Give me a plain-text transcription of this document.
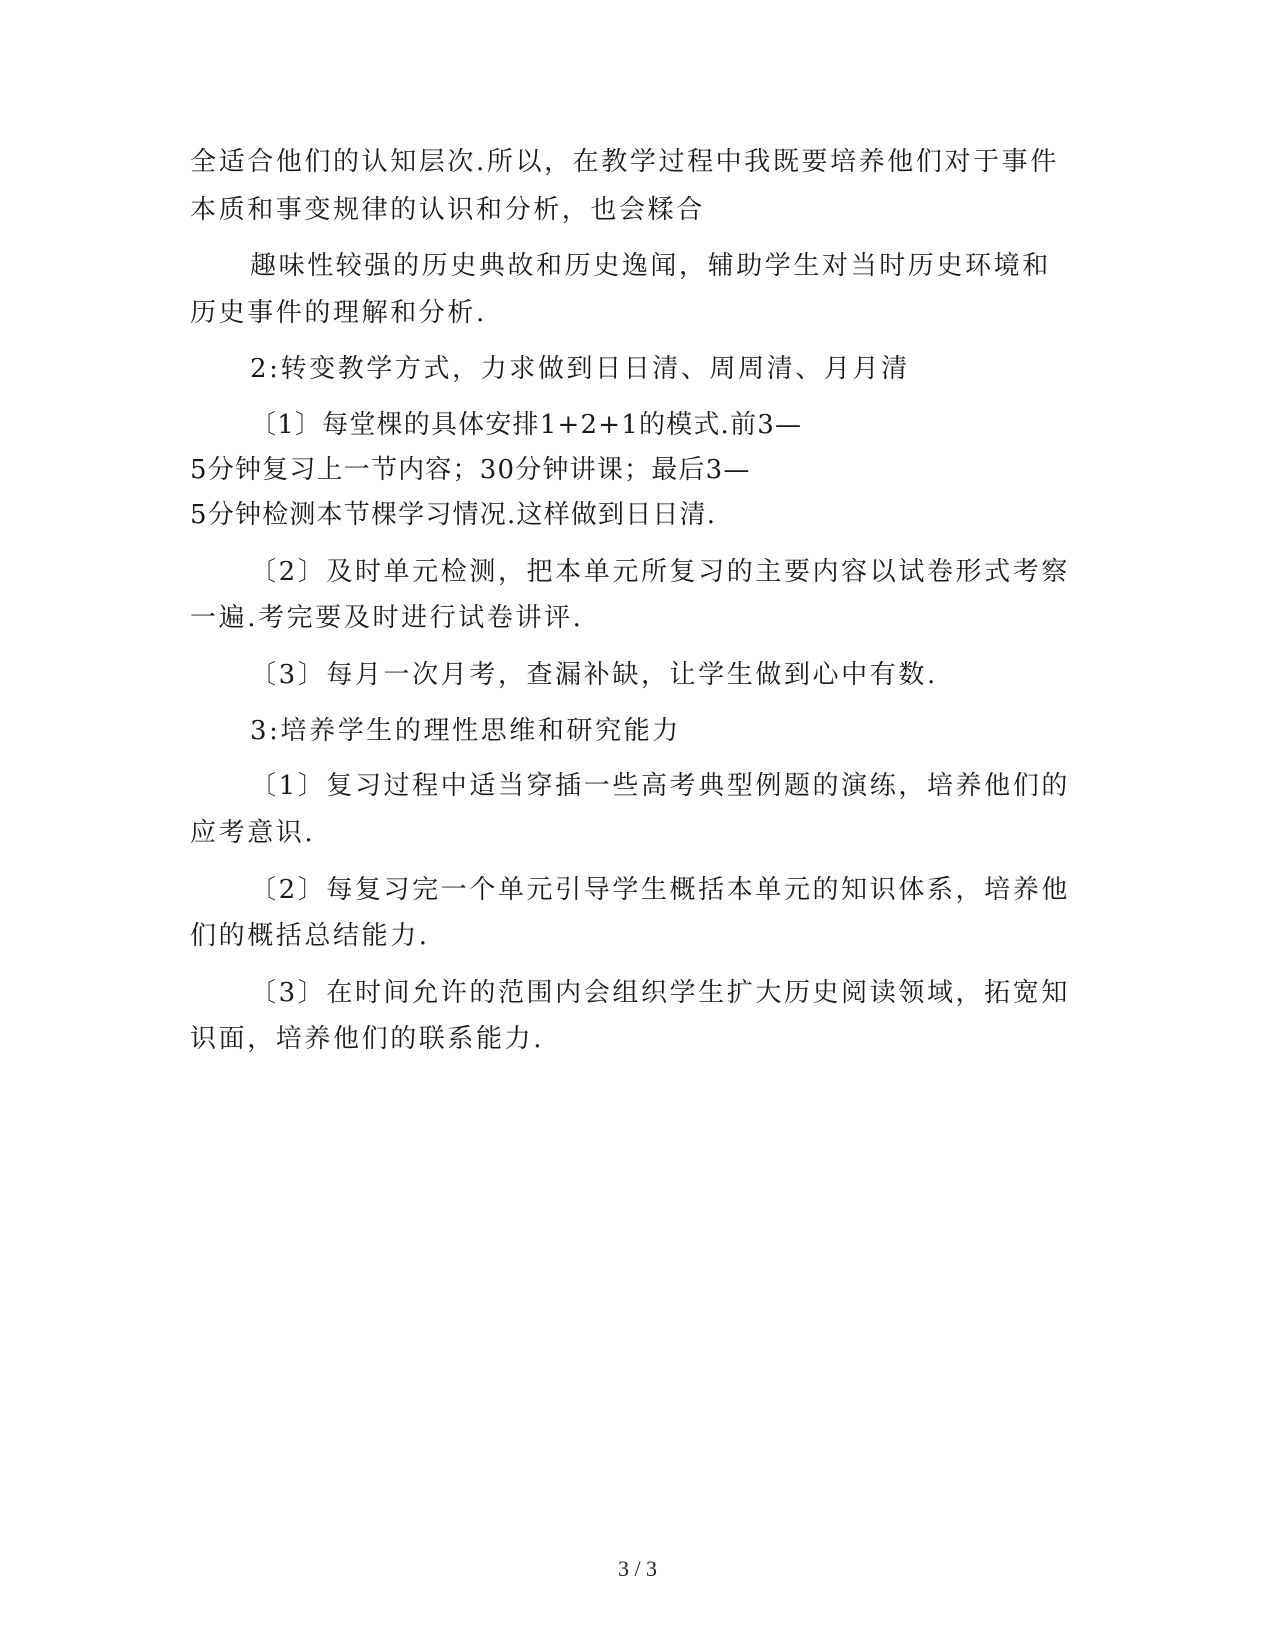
全适合他们的认知层次.所以，在教学过程中我既要培养他们对于事件
本质和事变规律的认识和分析，也会糅合
趣味性较强的历史典故和历史逸闻，辅助学生对当时历史环境和
历史事件的理解和分析.
2:转变教学方式，力求做到日日清、周周清、月月清
〔1〕每堂棵的具体安排1+2+1的模式.前3—
5分钟复习上一节内容；30分钟讲课；最后3—
5分钟检测本节棵学习情况.这样做到日日清.
〔2〕及时单元检测，把本单元所复习的主要内容以试卷形式考察
一遍.考完要及时进行试卷讲评.
〔3〕每月一次月考，查漏补缺，让学生做到心中有数.
3:培养学生的理性思维和研究能力
〔1〕复习过程中适当穿插一些高考典型例题的演练，培养他们的
应考意识.
〔2〕每复习完一个单元引导学生概括本单元的知识体系，培养他
们的概括总结能力.
〔3〕在时间允许的范围内会组织学生扩大历史阅读领域，拓宽知
识面，培养他们的联系能力.
3 / 3
